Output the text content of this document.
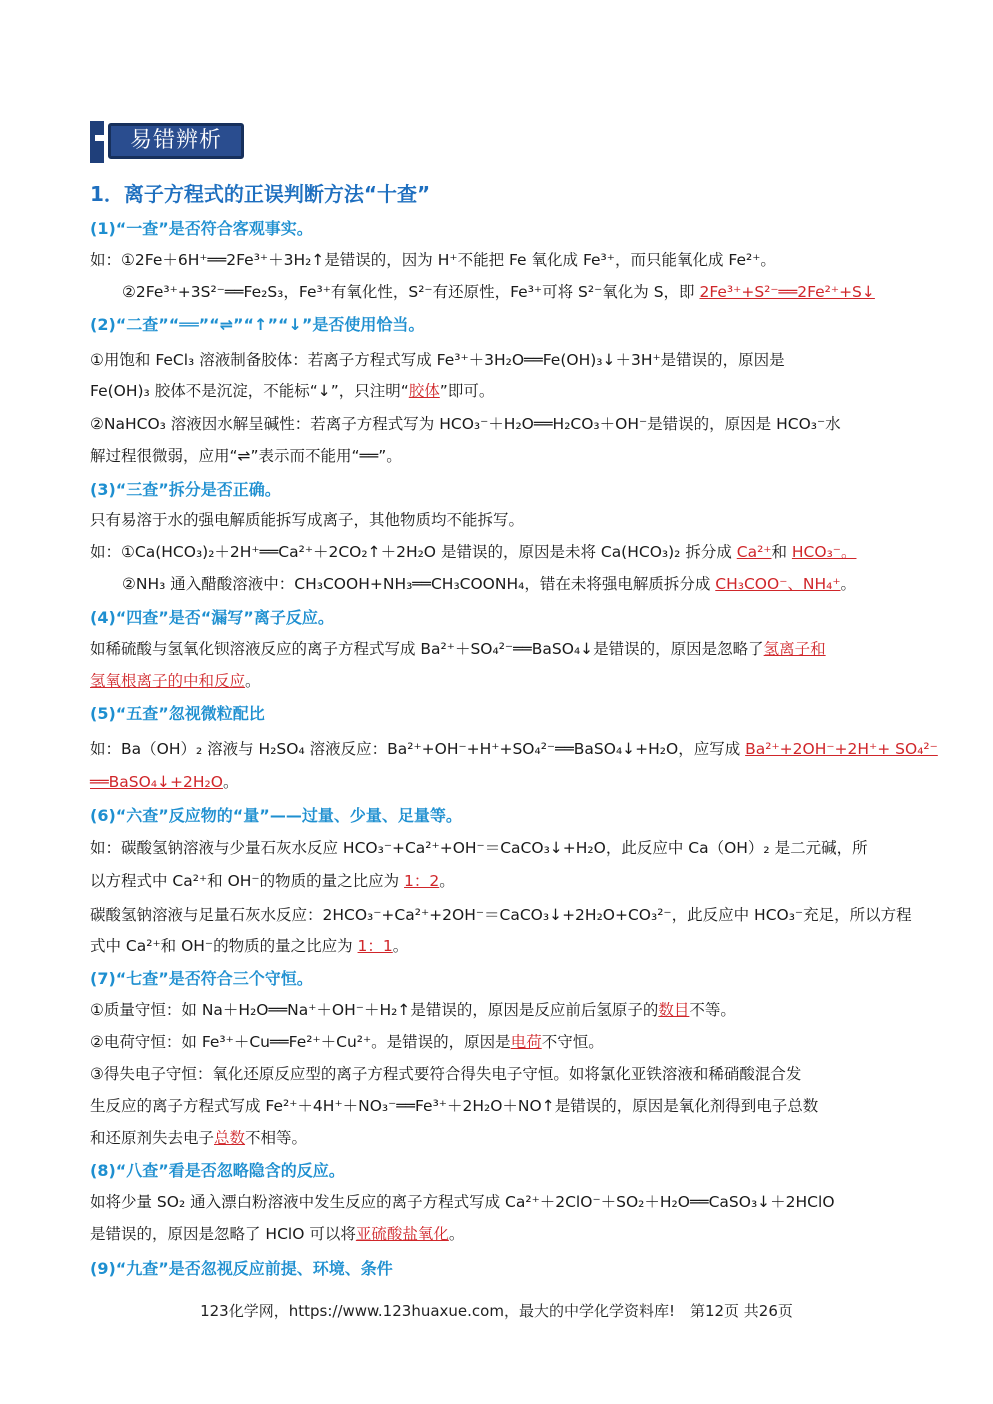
易错辨析
1．离子方程式的正误判断方法“十查”
(1)“一查”是否符合客观事实。
如：①2Fe＋6H⁺══2Fe³⁺＋3H₂↑是错误的，因为 H⁺不能把 Fe 氧化成 Fe³⁺，而只能氧化成 Fe²⁺。
②2Fe³⁺+3S²⁻══Fe₂S₃，Fe³⁺有氧化性，S²⁻有还原性，Fe³⁺可将 S²⁻氧化为 S，即 2Fe³⁺+S²⁻══2Fe²⁺+S↓
(2)“二查”“══”“⇌”“↑”“↓”是否使用恰当。
①用饱和 FeCl₃ 溶液制备胶体：若离子方程式写成 Fe³⁺＋3H₂O══Fe(OH)₃↓＋3H⁺是错误的，原因是
Fe(OH)₃ 胶体不是沉淀，不能标“↓”，只注明“胶体”即可。
②NaHCO₃ 溶液因水解呈碱性：若离子方程式写为 HCO₃⁻＋H₂O══H₂CO₃＋OH⁻是错误的，原因是 HCO₃⁻水
解过程很微弱，应用“⇌”表示而不能用“══”。
(3)“三查”拆分是否正确。
只有易溶于水的强电解质能拆写成离子，其他物质均不能拆写。
如：①Ca(HCO₃)₂＋2H⁺══Ca²⁺＋2CO₂↑＋2H₂O 是错误的，原因是未将 Ca(HCO₃)₂ 拆分成 Ca²⁺和 HCO₃⁻。
②NH₃ 通入醋酸溶液中：CH₃COOH+NH₃══CH₃COONH₄，错在未将强电解质拆分成 CH₃COO⁻、NH₄⁺。
(4)“四查”是否“漏写”离子反应。
如稀硫酸与氢氧化钡溶液反应的离子方程式写成 Ba²⁺＋SO₄²⁻══BaSO₄↓是错误的，原因是忽略了氢离子和
氢氧根离子的中和反应。
(5)“五查”忽视微粒配比
如：Ba（OH）₂ 溶液与 H₂SO₄ 溶液反应：Ba²⁺+OH⁻+H⁺+SO₄²⁻══BaSO₄↓+H₂O，应写成 Ba²⁺+2OH⁻+2H⁺+ SO₄²⁻
══BaSO₄↓+2H₂O。
(6)“六查”反应物的“量”——过量、少量、足量等。
如：碳酸氢钠溶液与少量石灰水反应 HCO₃⁻+Ca²⁺+OH⁻＝CaCO₃↓+H₂O，此反应中 Ca（OH）₂ 是二元碱，所
以方程式中 Ca²⁺和 OH⁻的物质的量之比应为 1：2。
碳酸氢钠溶液与足量石灰水反应：2HCO₃⁻+Ca²⁺+2OH⁻＝CaCO₃↓+2H₂O+CO₃²⁻，此反应中 HCO₃⁻充足，所以方程
式中 Ca²⁺和 OH⁻的物质的量之比应为 1：1。
(7)“七查”是否符合三个守恒。
①质量守恒：如 Na＋H₂O══Na⁺＋OH⁻＋H₂↑是错误的，原因是反应前后氢原子的数目不等。
②电荷守恒：如 Fe³⁺＋Cu══Fe²⁺＋Cu²⁺。是错误的，原因是电荷不守恒。
③得失电子守恒：氧化还原反应型的离子方程式要符合得失电子守恒。如将氯化亚铁溶液和稀硝酸混合发
生反应的离子方程式写成 Fe²⁺＋4H⁺＋NO₃⁻══Fe³⁺＋2H₂O＋NO↑是错误的，原因是氧化剂得到电子总数
和还原剂失去电子总数不相等。
(8)“八查”看是否忽略隐含的反应。
如将少量 SO₂ 通入漂白粉溶液中发生反应的离子方程式写成 Ca²⁺＋2ClO⁻＋SO₂＋H₂O══CaSO₃↓＋2HClO
是错误的，原因是忽略了 HClO 可以将亚硫酸盐氧化。
(9)“九查”是否忽视反应前提、环境、条件
123化学网，https://www.123huaxue.com，最大的中学化学资料库!　第12页 共26页
